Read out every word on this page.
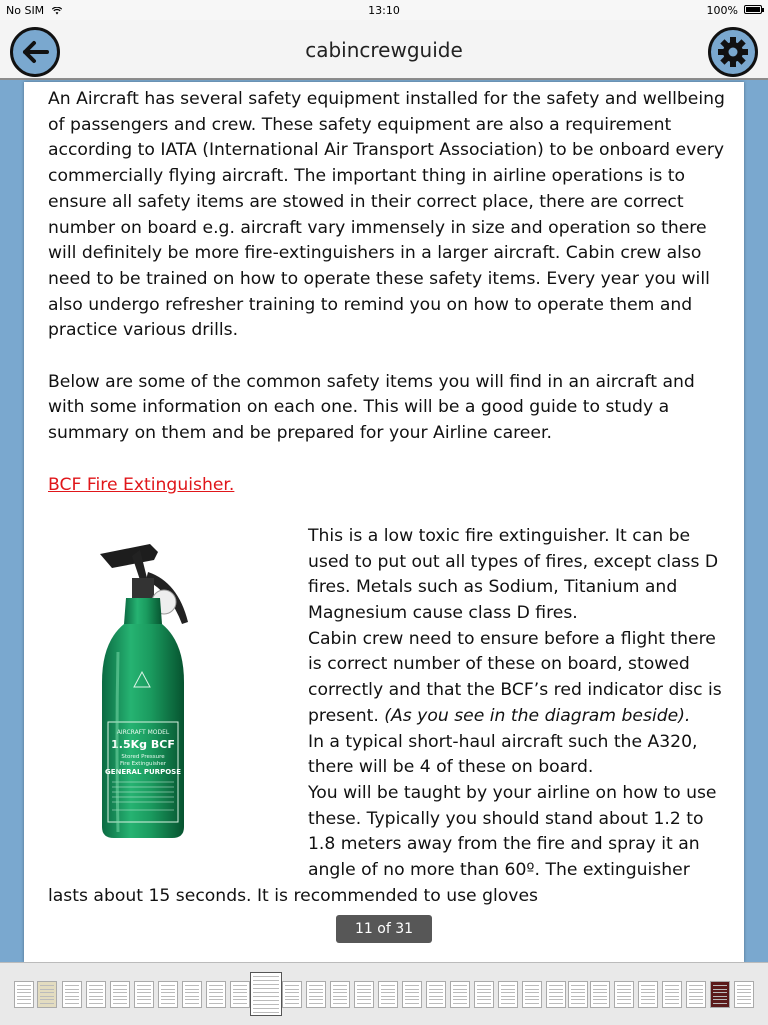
No SIM	13:10	100%
cabincrewguide

An Aircraft has several safety equipment installed for the safety and wellbeing of passengers and crew. These safety equipment are also a requirement according to IATA (International Air Transport Association) to be onboard every commercially flying aircraft. The important thing in airline operations is to ensure all safety items are stowed in their correct place, there are correct number on board e.g. aircraft vary immensely in size and operation so there will definitely be more fire-extinguishers in a larger aircraft. Cabin crew also need to be trained on how to operate these safety items. Every year you will also undergo refresher training to remind you on how to operate them and practice various drills.

Below are some of the common safety items you will find in an aircraft and with some information on each one. This will be a good guide to study a summary on them and be prepared for your Airline career.

BCF Fire Extinguisher.

AIRCRAFT MODEL
1.5Kg BCF
Stored Pressure
Fire Extinguisher
GENERAL PURPOSE

This is a low toxic fire extinguisher. It can be used to put out all types of fires, except class D fires. Metals such as Sodium, Titanium and Magnesium cause class D fires.

Cabin crew need to ensure before a flight there is correct number of these on board, stowed correctly and that the BCF’s red indicator disc is present. (As you see in the diagram beside).

In a typical short-haul aircraft such the A320, there will be 4 of these on board.

You will be taught by your airline on how to use these. Typically you should stand about 1.2 to 1.8 meters away from the fire and spray it an angle of no more than 60º. The extinguisher lasts about 15 seconds. It is recommended to use gloves

11 of 31
